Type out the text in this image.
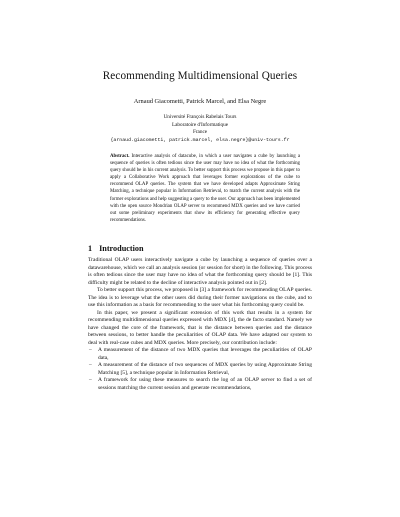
Recommending Multidimensional Queries
Arnaud Giacometti, Patrick Marcel, and Elsa Negre
Université François Rabelais Tours
Laboratoire d'Informatique
France
{arnaud.giacometti, patrick.marcel, elsa.negre}@univ-tours.fr
Abstract. Interactive analysis of datacube, in which a user navigates a cube by launching a sequence of queries is often tedious since the user may have no idea of what the forthcoming query should be in his current analysis. To better support this process we propose in this paper to apply a Collaborative Work approach that leverages former explorations of the cube to recommend OLAP queries. The system that we have developed adapts Approximate String Matching, a technique popular in Information Retrieval, to match the current analysis with the former explorations and help suggesting a query to the user. Our approach has been implemented with the open source Mondrian OLAP server to recommend MDX queries and we have carried out some preliminary experiments that show its efficiency for generating effective query recommendations.
1 Introduction

Traditional OLAP users interactively navigate a cube by launching a sequence of queries over a datawarehouse, which we call an analysis session (or session for short) in the following. This process is often tedious since the user may have no idea of what the forthcoming query should be [1]. This difficulty might be related to the decline of interactive analysis pointed out in [2].

To better support this process, we proposed in [3] a framework for recommending OLAP queries. The idea is to leverage what the other users did during their former navigations on the cube, and to use this information as a basis for recommending to the user what his forthcoming query could be.

In this paper, we present a significant extension of this work that results in a system for recommending multidimensional queries expressed with MDX [4], the de facto standard. Namely we have changed the core of the framework, that is the distance between queries and the distance between sessions, to better handle the peculiarities of OLAP data. We have adapted our system to deal with real-case cubes and MDX queries. More precisely, our contribution include:

– A measurement of the distance of two MDX queries that leverages the peculiarities of OLAP data,
– A measurement of the distance of two sequences of MDX queries by using Approximate String Matching [5], a technique popular in Information Retrieval,
– A framework for using these measures to search the log of an OLAP server to find a set of sessions matching the current session and generate recommendations,
